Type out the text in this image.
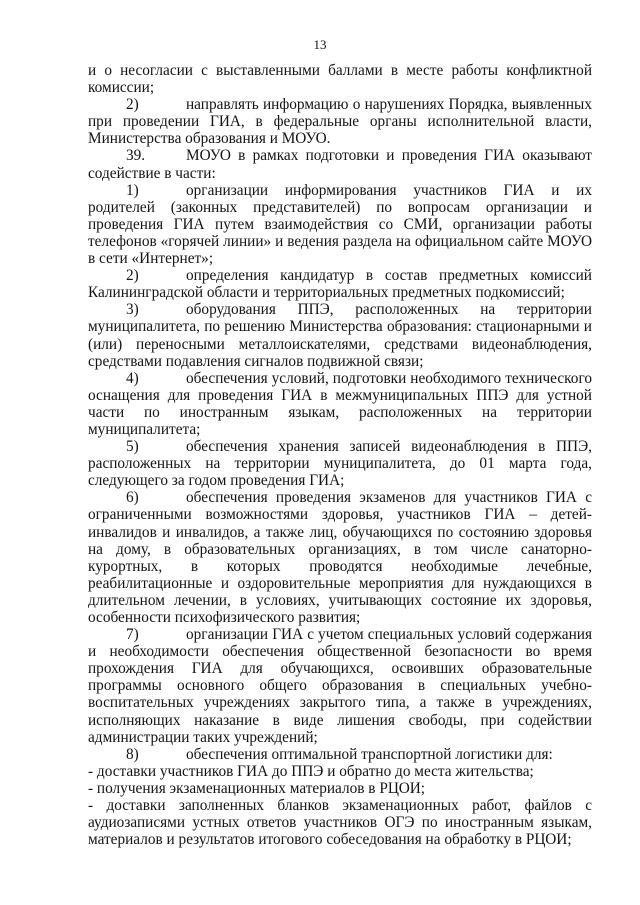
13

и о несогласии с выставленными баллами в месте работы конфликтной комиссии;

2)	направлять информацию о нарушениях Порядка, выявленных при проведении ГИА, в федеральные органы исполнительной власти, Министерства образования и МОУО.

39.	МОУО в рамках подготовки и проведения ГИА оказывают содействие в части:

1)	организации информирования участников ГИА и их родителей (законных представителей) по вопросам организации и проведения ГИА путем взаимодействия со СМИ, организации работы телефонов «горячей линии» и ведения раздела на официальном сайте МОУО в сети «Интернет»;

2)	определения кандидатур в состав предметных комиссий Калининградской области и территориальных предметных подкомиссий;

3)	оборудования ППЭ, расположенных на территории муниципалитета, по решению Министерства образования: стационарными и (или) переносными металлоискателями, средствами видеонаблюдения, средствами подавления сигналов подвижной связи;

4)	обеспечения условий, подготовки необходимого технического оснащения для проведения ГИА в межмуниципальных ППЭ для устной части по иностранным языкам, расположенных на территории муниципалитета;

5)	обеспечения хранения записей видеонаблюдения в ППЭ, расположенных на территории муниципалитета, до 01 марта года, следующего за годом проведения ГИА;

6)	обеспечения проведения экзаменов для участников ГИА с ограниченными возможностями здоровья, участников ГИА – детей-инвалидов и инвалидов, а также лиц, обучающихся по состоянию здоровья на дому, в образовательных организациях, в том числе санаторно-курортных, в которых проводятся необходимые лечебные, реабилитационные и оздоровительные мероприятия для нуждающихся в длительном лечении, в условиях, учитывающих состояние их здоровья, особенности психофизического развития;

7)	организации ГИА с учетом специальных условий содержания и необходимости обеспечения общественной безопасности во время прохождения ГИА для обучающихся, освоивших образовательные программы основного общего образования в специальных учебно-воспитательных учреждениях закрытого типа, а также в учреждениях, исполняющих наказание в виде лишения свободы, при содействии администрации таких учреждений;

8)	обеспечения оптимальной транспортной логистики для:

- доставки участников ГИА до ППЭ и обратно до места жительства;

- получения экзаменационных материалов в РЦОИ;

- доставки заполненных бланков экзаменационных работ, файлов с аудиозаписями устных ответов участников ОГЭ по иностранным языкам, материалов и результатов итогового собеседования на обработку в РЦОИ;
